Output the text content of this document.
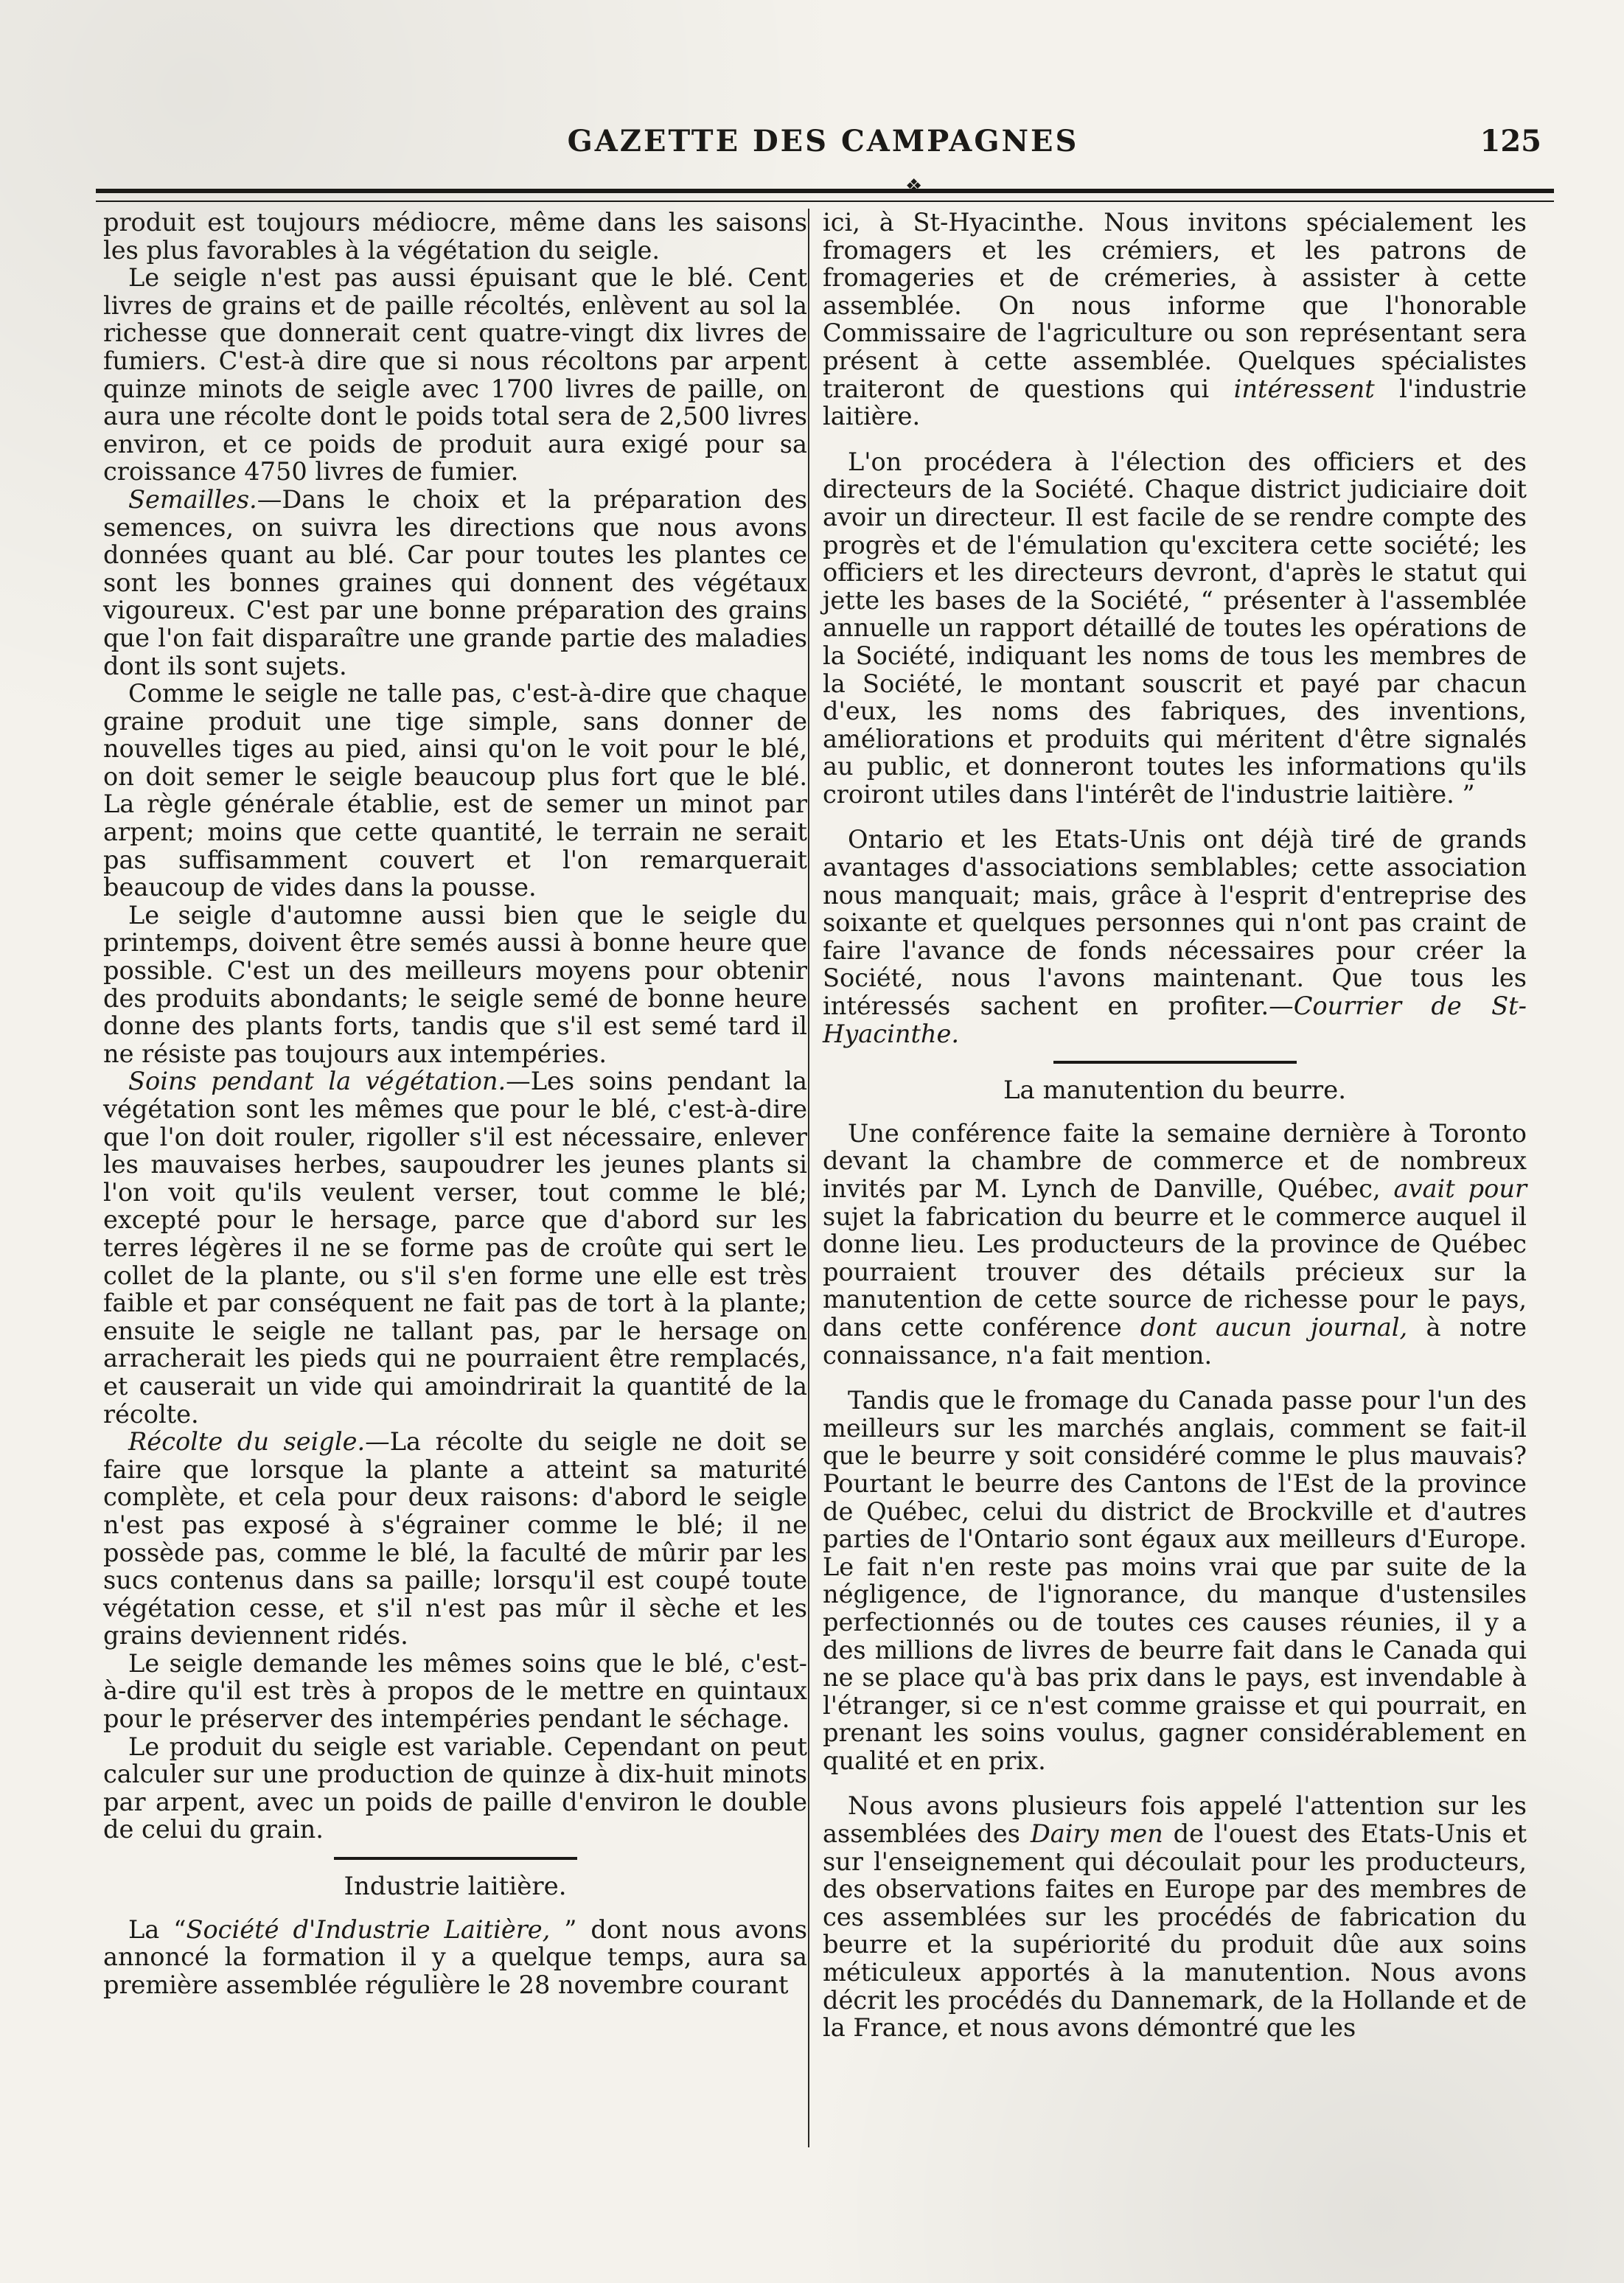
GAZETTE DES CAMPAGNES	125
❖

produit est toujours médiocre, même dans les saisons les plus favorables à la végétation du seigle.

Le seigle n'est pas aussi épuisant que le blé. Cent livres de grains et de paille récoltés, enlèvent au sol la richesse que donnerait cent quatre-vingt dix livres de fumiers. C'est-à dire que si nous récoltons par arpent quinze minots de seigle avec 1700 livres de paille, on aura une récolte dont le poids total sera de 2,500 livres environ, et ce poids de produit aura exigé pour sa croissance 4750 livres de fumier.

Semailles.—Dans le choix et la préparation des semences, on suivra les directions que nous avons données quant au blé. Car pour toutes les plantes ce sont les bonnes graines qui donnent des végétaux vigoureux. C'est par une bonne préparation des grains que l'on fait disparaître une grande partie des maladies dont ils sont sujets.

Comme le seigle ne talle pas, c'est-à-dire que chaque graine produit une tige simple, sans donner de nouvelles tiges au pied, ainsi qu'on le voit pour le blé, on doit semer le seigle beaucoup plus fort que le blé. La règle générale établie, est de semer un minot par arpent; moins que cette quantité, le terrain ne serait pas suffisamment couvert et l'on remarquerait beaucoup de vides dans la pousse.

Le seigle d'automne aussi bien que le seigle du printemps, doivent être semés aussi à bonne heure que possible. C'est un des meilleurs moyens pour obtenir des produits abondants; le seigle semé de bonne heure donne des plants forts, tandis que s'il est semé tard il ne résiste pas toujours aux intempéries.

Soins pendant la végétation.—Les soins pendant la végétation sont les mêmes que pour le blé, c'est-à-dire que l'on doit rouler, rigoller s'il est nécessaire, enlever les mauvaises herbes, saupoudrer les jeunes plants si l'on voit qu'ils veulent verser, tout comme le blé; excepté pour le hersage, parce que d'abord sur les terres légères il ne se forme pas de croûte qui sert le collet de la plante, ou s'il s'en forme une elle est très faible et par conséquent ne fait pas de tort à la plante; ensuite le seigle ne tallant pas, par le hersage on arracherait les pieds qui ne pourraient être remplacés, et causerait un vide qui amoindrirait la quantité de la récolte.

Récolte du seigle.—La récolte du seigle ne doit se faire que lorsque la plante a atteint sa maturité complète, et cela pour deux raisons: d'abord le seigle n'est pas exposé à s'égrainer comme le blé; il ne possède pas, comme le blé, la faculté de mûrir par les sucs contenus dans sa paille; lorsqu'il est coupé toute végétation cesse, et s'il n'est pas mûr il sèche et les grains deviennent ridés.

Le seigle demande les mêmes soins que le blé, c'est-à-dire qu'il est très à propos de le mettre en quintaux pour le préserver des intempéries pendant le séchage.

Le produit du seigle est variable. Cependant on peut calculer sur une production de quinze à dix-huit minots par arpent, avec un poids de paille d'environ le double de celui du grain.

Industrie laitière.

La “Société d'Industrie Laitière, ” dont nous avons annoncé la formation il y a quelque temps, aura sa première assemblée régulière le 28 novembre courant

ici, à St-Hyacinthe. Nous invitons spécialement les fromagers et les crémiers, et les patrons de fromageries et de crémeries, à assister à cette assemblée. On nous informe que l'honorable Commissaire de l'agriculture ou son représentant sera présent à cette assemblée. Quelques spécialistes traiteront de questions qui intéressent l'industrie laitière.

L'on procédera à l'élection des officiers et des directeurs de la Société. Chaque district judiciaire doit avoir un directeur. Il est facile de se rendre compte des progrès et de l'émulation qu'excitera cette société; les officiers et les directeurs devront, d'après le statut qui jette les bases de la Société, “ présenter à l'assemblée annuelle un rapport détaillé de toutes les opérations de la Société, indiquant les noms de tous les membres de la Société, le montant souscrit et payé par chacun d'eux, les noms des fabriques, des inventions, améliorations et produits qui méritent d'être signalés au public, et donneront toutes les informations qu'ils croiront utiles dans l'intérêt de l'industrie laitière. ”

Ontario et les Etats-Unis ont déjà tiré de grands avantages d'associations semblables; cette association nous manquait; mais, grâce à l'esprit d'entreprise des soixante et quelques personnes qui n'ont pas craint de faire l'avance de fonds nécessaires pour créer la Société, nous l'avons maintenant. Que tous les intéressés sachent en profiter.—Courrier de St-Hyacinthe.

La manutention du beurre.

Une conférence faite la semaine dernière à Toronto devant la chambre de commerce et de nombreux invités par M. Lynch de Danville, Québec, avait pour sujet la fabrication du beurre et le commerce auquel il donne lieu. Les producteurs de la province de Québec pourraient trouver des détails précieux sur la manutention de cette source de richesse pour le pays, dans cette conférence dont aucun journal, à notre connaissance, n'a fait mention.

Tandis que le fromage du Canada passe pour l'un des meilleurs sur les marchés anglais, comment se fait-il que le beurre y soit considéré comme le plus mauvais? Pourtant le beurre des Cantons de l'Est de la province de Québec, celui du district de Brockville et d'autres parties de l'Ontario sont égaux aux meilleurs d'Europe. Le fait n'en reste pas moins vrai que par suite de la négligence, de l'ignorance, du manque d'ustensiles perfectionnés ou de toutes ces causes réunies, il y a des millions de livres de beurre fait dans le Canada qui ne se place qu'à bas prix dans le pays, est invendable à l'étranger, si ce n'est comme graisse et qui pourrait, en prenant les soins voulus, gagner considérablement en qualité et en prix.

Nous avons plusieurs fois appelé l'attention sur les assemblées des Dairy men de l'ouest des Etats-Unis et sur l'enseignement qui découlait pour les producteurs, des observations faites en Europe par des membres de ces assemblées sur les procédés de fabrication du beurre et la supériorité du produit dûe aux soins méticuleux apportés à la manutention. Nous avons décrit les procédés du Dannemark, de la Hollande et de la France, et nous avons démontré que les
